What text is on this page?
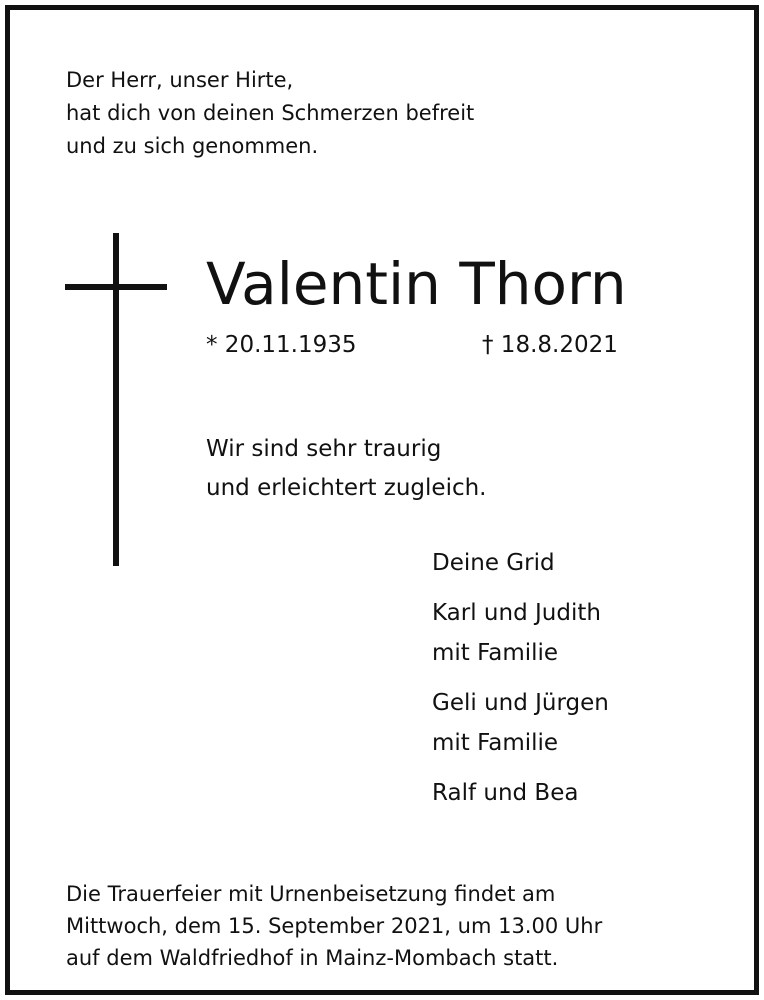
Der Herr, unser Hirte,
hat dich von deinen Schmerzen befreit
und zu sich genommen.
Valentin Thorn
* 20.11.1935	† 18.8.2021
Wir sind sehr traurig
und erleichtert zugleich.
Deine Grid
Karl und Judith
mit Familie
Geli und Jürgen
mit Familie
Ralf und Bea
Die Trauerfeier mit Urnenbeisetzung findet am
Mittwoch, dem 15. September 2021, um 13.00 Uhr
auf dem Waldfriedhof in Mainz-Mombach statt.
